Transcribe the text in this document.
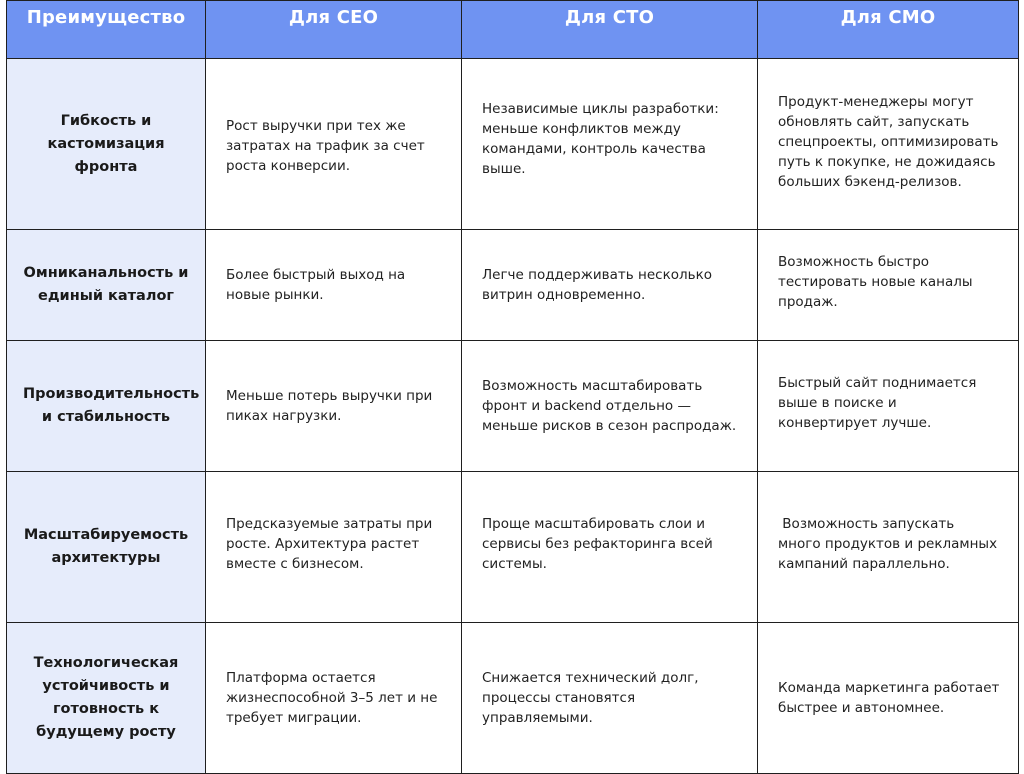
Преимущество	Для CEO	Для CTO	Для CMO
Гибкость и кастомизация фронта	Рост выручки при тех же затратах на трафик за счет роста конверсии.	Независимые циклы разработки: меньше конфликтов между командами, контроль качества выше.	Продукт-менеджеры могут обновлять сайт, запускать спецпроекты, оптимизировать путь к покупке, не дожидаясь больших бэкенд-релизов.

Омниканальность и единый каталог	Более быстрый выход на новые рынки.	Легче поддерживать несколько витрин одновременно.	Возможность быстро тестировать новые каналы продаж.

Производительность и стабильность	Меньше потерь выручки при пиках нагрузки.	Возможность масштабировать фронт и backend отдельно — меньше рисков в сезон распродаж.	Быстрый сайт поднимается выше в поиске и конвертирует лучше.

Масштабируемость архитектуры	Предсказуемые затраты при росте. Архитектура растет вместе с бизнесом.	Проще масштабировать слои и сервисы без рефакторинга всей системы.	Возможность запускать много продуктов и рекламных кампаний параллельно.

Технологическая устойчивость и готовность к будущему росту	Платформа остается жизнеспособной 3–5 лет и не требует миграции.	Снижается технический долг, процессы становятся управляемыми.	Команда маркетинга работает быстрее и автономнее.
